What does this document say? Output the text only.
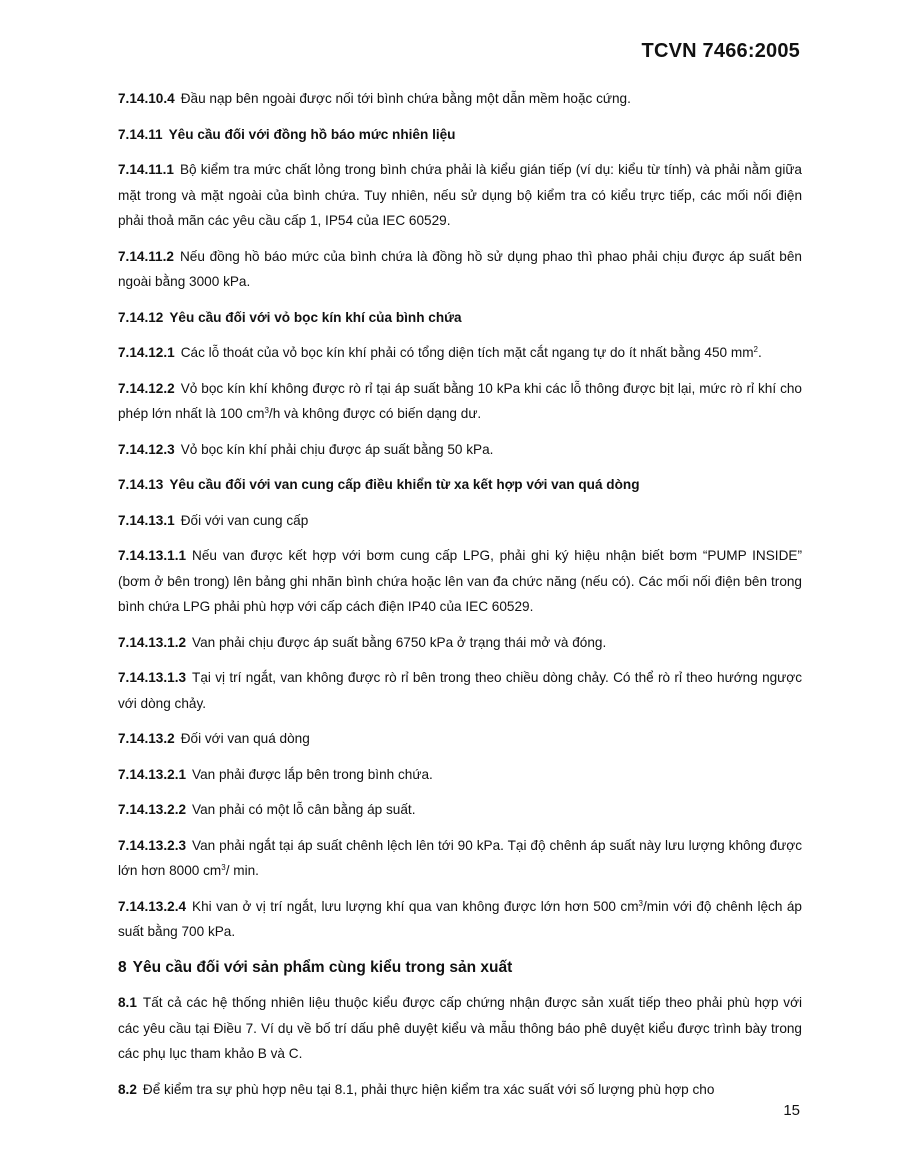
TCVN 7466:2005

7.14.10.4 Đầu nạp bên ngoài được nối tới bình chứa bằng một dẫn mềm hoặc cứng.

7.14.11 Yêu cầu đối với đồng hồ báo mức nhiên liệu

7.14.11.1 Bộ kiểm tra mức chất lỏng trong bình chứa phải là kiểu gián tiếp (ví dụ: kiểu từ tính) và phải nằm giữa mặt trong và mặt ngoài của bình chứa. Tuy nhiên, nếu sử dụng bộ kiểm tra có kiểu trực tiếp, các mối nối điện phải thoả mãn các yêu cầu cấp 1, IP54 của IEC 60529.

7.14.11.2 Nếu đồng hồ báo mức của bình chứa là đồng hồ sử dụng phao thì phao phải chịu được áp suất bên ngoài bằng 3000 kPa.

7.14.12 Yêu cầu đối với vỏ bọc kín khí của bình chứa

7.14.12.1 Các lỗ thoát của vỏ bọc kín khí phải có tổng diện tích mặt cắt ngang tự do ít nhất bằng 450 $mm^2$.

7.14.12.2 Vỏ bọc kín khí không được rò rỉ tại áp suất bằng 10 kPa khi các lỗ thông được bịt lại, mức rò rỉ khí cho phép lớn nhất là 100 $cm^3/h$ và không được có biến dạng dư.

7.14.12.3 Vỏ bọc kín khí phải chịu được áp suất bằng 50 kPa.

7.14.13 Yêu cầu đối với van cung cấp điều khiển từ xa kết hợp với van quá dòng

7.14.13.1 Đối với van cung cấp

7.14.13.1.1 Nếu van được kết hợp với bơm cung cấp LPG, phải ghi ký hiệu nhận biết bơm “PUMP INSIDE” (bơm ở bên trong) lên bảng ghi nhãn bình chứa hoặc lên van đa chức năng (nếu có). Các mối nối điện bên trong bình chứa LPG phải phù hợp với cấp cách điện IP40 của IEC 60529.

7.14.13.1.2 Van phải chịu được áp suất bằng 6750 kPa ở trạng thái mở và đóng.

7.14.13.1.3 Tại vị trí ngắt, van không được rò rỉ bên trong theo chiều dòng chảy. Có thể rò rỉ theo hướng ngược với dòng chảy.

7.14.13.2 Đối với van quá dòng

7.14.13.2.1 Van phải được lắp bên trong bình chứa.

7.14.13.2.2 Van phải có một lỗ cân bằng áp suất.

7.14.13.2.3 Van phải ngắt tại áp suất chênh lệch lên tới 90 kPa. Tại độ chênh áp suất này lưu lượng không được lớn hơn 8000 $cm^3/$ min.

7.14.13.2.4 Khi van ở vị trí ngắt, lưu lượng khí qua van không được lớn hơn 500 $cm^3/\min$ với độ chênh lệch áp suất bằng 700 kPa.

8 Yêu cầu đối với sản phẩm cùng kiểu trong sản xuất

8.1 Tất cả các hệ thống nhiên liệu thuộc kiểu được cấp chứng nhận được sản xuất tiếp theo phải phù hợp với các yêu cầu tại Điều 7. Ví dụ về bố trí dấu phê duyệt kiểu và mẫu thông báo phê duyệt kiểu được trình bày trong các phụ lục tham khảo B và C.

8.2 Để kiểm tra sự phù hợp nêu tại 8.1, phải thực hiện kiểm tra xác suất với số lượng phù hợp cho

15
